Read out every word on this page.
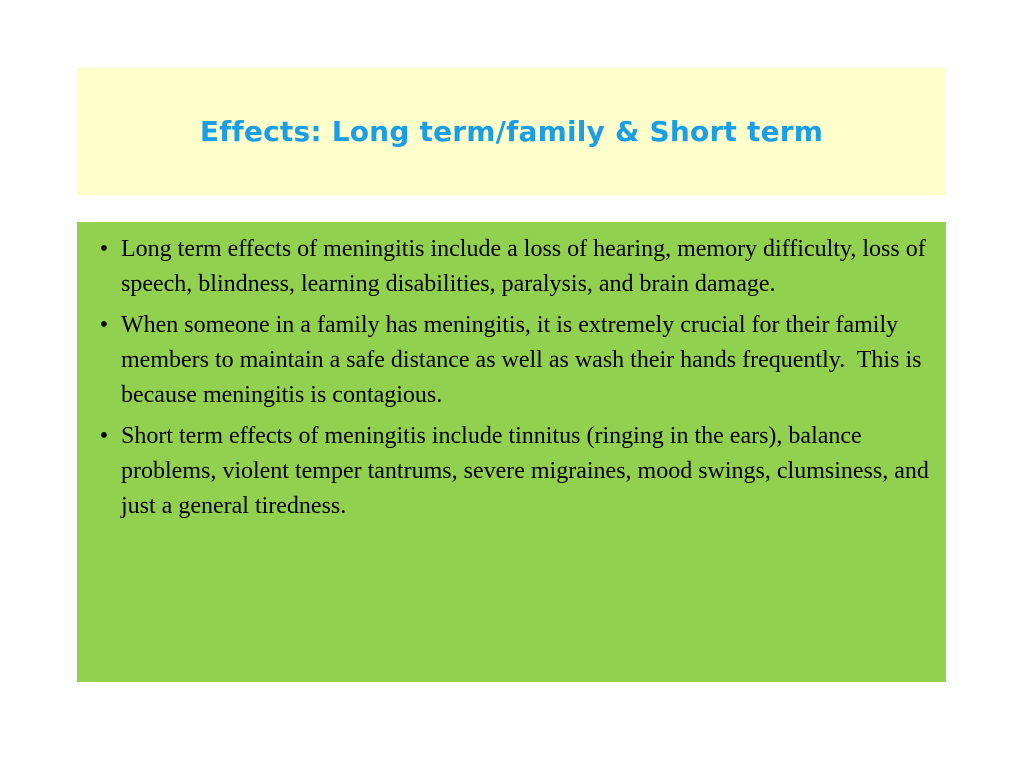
Effects: Long term/family & Short term
• Long term effects of meningitis include a loss of hearing, memory difficulty, loss of speech, blindness, learning disabilities, paralysis, and brain damage.
• When someone in a family has meningitis, it is extremely crucial for their family members to maintain a safe distance as well as wash their hands frequently.  This is because meningitis is contagious.
• Short term effects of meningitis include tinnitus (ringing in the ears), balance problems, violent temper tantrums, severe migraines, mood swings, clumsiness, and just a general tiredness.
